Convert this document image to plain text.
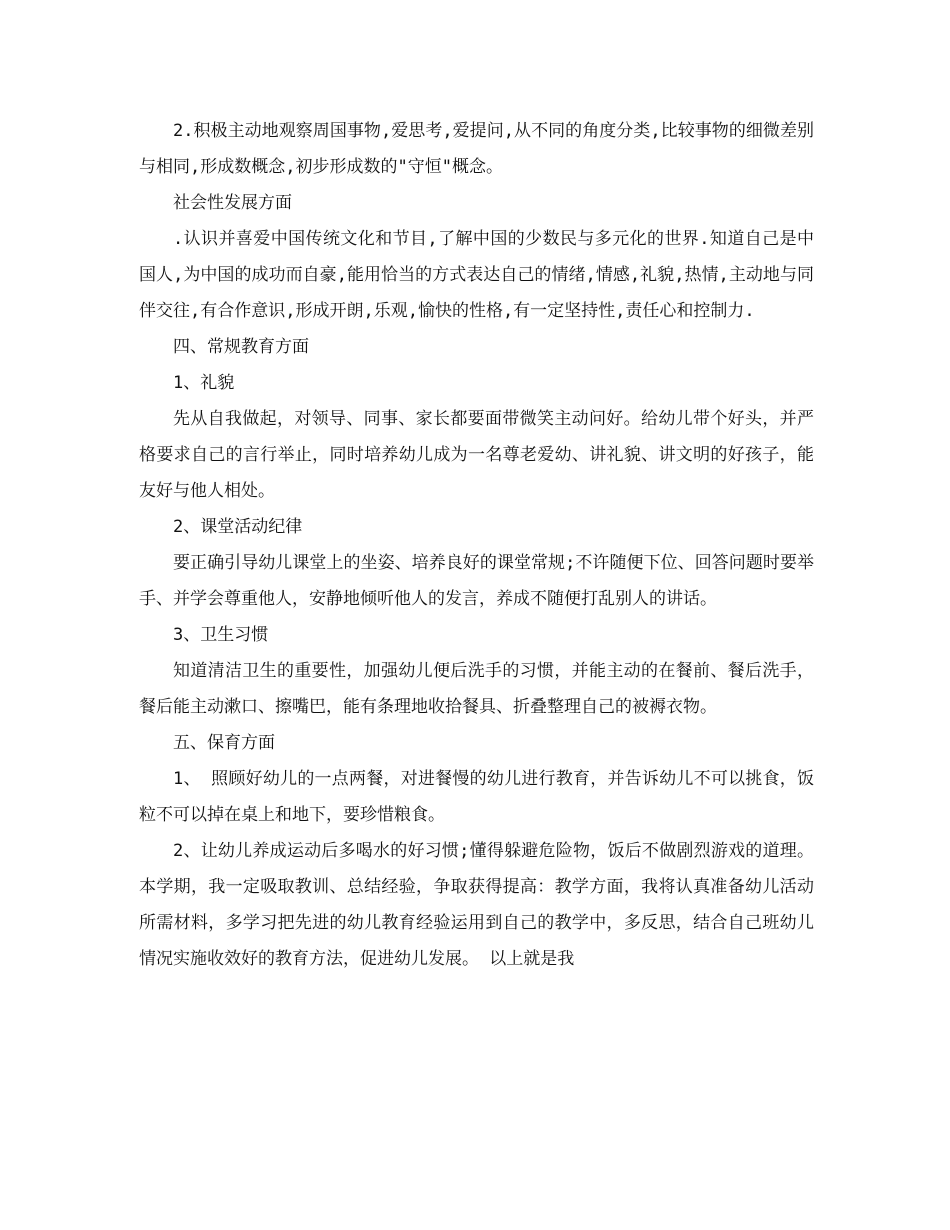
2.积极主动地观察周国事物,爱思考,爱提问,从不同的角度分类,比较事物的细微差别与相同,形成数概念,初步形成数的"守恒"概念。

社会性发展方面

.认识并喜爱中国传统文化和节目,了解中国的少数民与多元化的世界.知道自己是中国人,为中国的成功而自豪,能用恰当的方式表达自己的情绪,情感,礼貌,热情,主动地与同伴交往,有合作意识,形成开朗,乐观,愉快的性格,有一定坚持性,责任心和控制力.

四、常规教育方面

1、礼貌

先从自我做起，对领导、同事、家长都要面带微笑主动问好。给幼儿带个好头，并严格要求自己的言行举止，同时培养幼儿成为一名尊老爱幼、讲礼貌、讲文明的好孩子，能友好与他人相处。

2、课堂活动纪律

要正确引导幼儿课堂上的坐姿、培养良好的课堂常规;不许随便下位、回答问题时要举手、并学会尊重他人，安静地倾听他人的发言，养成不随便打乱别人的讲话。

3、卫生习惯

知道清洁卫生的重要性，加强幼儿便后洗手的习惯，并能主动的在餐前、餐后洗手，餐后能主动漱口、擦嘴巴，能有条理地收拾餐具、折叠整理自己的被褥衣物。

五、保育方面

1、 照顾好幼儿的一点两餐，对进餐慢的幼儿进行教育，并告诉幼儿不可以挑食，饭粒不可以掉在桌上和地下，要珍惜粮食。

2、让幼儿养成运动后多喝水的好习惯;懂得躲避危险物，饭后不做剧烈游戏的道理。 本学期，我一定吸取教训、总结经验，争取获得提高：教学方面，我将认真准备幼儿活动所需材料，多学习把先进的幼儿教育经验运用到自己的教学中，多反思，结合自己班幼儿情况实施收效好的教育方法，促进幼儿发展。 以上就是我
